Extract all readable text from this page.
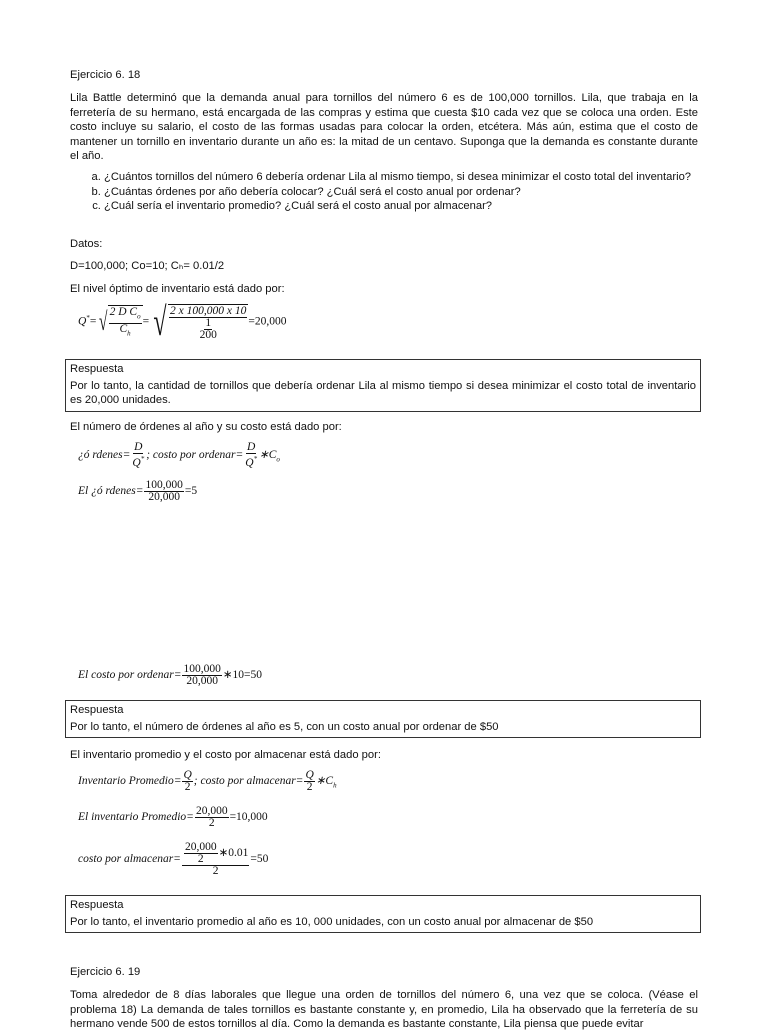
Ejercicio 6. 18
Lila Battle determinó que la demanda anual para tornillos del número 6 es de 100,000 tornillos. Lila, que trabaja en la ferretería de su hermano, está encargada de las compras y estima que cuesta $10 cada vez que se coloca una orden. Este costo incluye su salario, el costo de las formas usadas para colocar la orden, etcétera. Más aún, estima que el costo de mantener un tornillo en inventario durante un año es: la mitad de un centavo. Suponga que la demanda es constante durante el año.
a. ¿Cuántos tornillos del número 6 debería ordenar Lila al mismo tiempo, si desea minimizar el costo total del inventario?
b. ¿Cuántas órdenes por año debería colocar? ¿Cuál será el costo anual por ordenar?
c. ¿Cuál sería el inventario promedio? ¿Cuál será el costo anual por almacenar?
Datos:
D=100,000; Co=10; Cₕ= 0.01/2
El nivel óptimo de inventario está dado por:
Q*= √ $\frac{2 D C_o}{C_h}$ = √ $\frac{2 x 100,000 x 10}{\frac{1}{200}} =20,000$
Respuesta
Por lo tanto, la cantidad de tornillos que debería ordenar Lila al mismo tiempo si desea minimizar el costo total de inventario es 20,000 unidades.
El número de órdenes al año y su costo está dado por:
¿ó rdenes= $\frac{D}{Q^*}$ ; costo por ordenar= $\frac{D}{Q^*}$ $∗C_o$
El ¿ó rdenes= $\frac{100,000}{20,000} =5$
El costo por ordenar= $\frac{100,000}{20,000}$ ∗10=50
Respuesta
Por lo tanto, el número de órdenes al año es 5, con un costo anual por ordenar de $50
El inventario promedio y el costo por almacenar está dado por:
Inventario Promedio= $\frac{Q}{2}$ ; costo por almacenar= $\frac{Q}{2}$ $∗C_h$
El inventario Promedio= $\frac{20,000}{2} =10,000$
costo por almacenar= $\frac{\frac{20,000}{2} ∗0.01}{2} =50$
Respuesta
Por lo tanto, el inventario promedio al año es 10, 000 unidades, con un costo anual por almacenar de $50
Ejercicio 6. 19
Toma alrededor de 8 días laborales que llegue una orden de tornillos del número 6, una vez que se coloca. (Véase el problema 18) La demanda de tales tornillos es bastante constante y, en promedio, Lila ha observado que la ferretería de su hermano vende 500 de estos tornillos al día. Como la demanda es bastante constante, Lila piensa que puede evitar
